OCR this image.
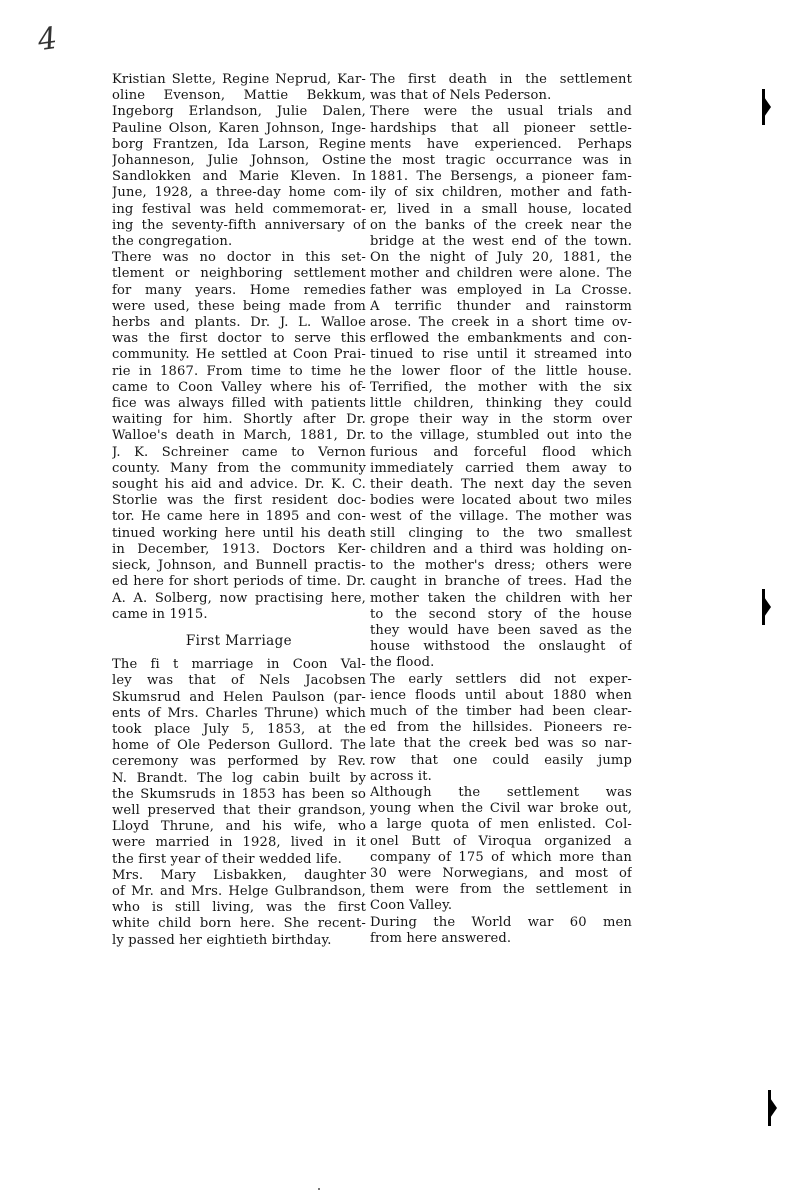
4
Kristian Slette, Regine Neprud, Kar-
oline Evenson, Mattie Bekkum,
Ingeborg Erlandson, Julie Dalen,
Pauline Olson, Karen Johnson, Inge-
borg Frantzen, Ida Larson, Regine
Johanneson, Julie Johnson, Ostine
Sandlokken and Marie Kleven. In
June, 1928, a three-day home com-
ing festival was held commemorat-
ing the seventy-fifth anniversary of
the congregation.
There was no doctor in this set-
tlement or neighboring settlement
for many years. Home remedies
were used, these being made from
herbs and plants. Dr. J. L. Walloe
was the first doctor to serve this
community. He settled at Coon Prai-
rie in 1867. From time to time he
came to Coon Valley where his of-
fice was always filled with patients
waiting for him. Shortly after Dr.
Walloe's death in March, 1881, Dr.
J. K. Schreiner came to Vernon
county. Many from the community
sought his aid and advice. Dr. K. C.
Storlie was the first resident doc-
tor. He came here in 1895 and con-
tinued working here until his death
in December, 1913. Doctors Ker-
sieck, Johnson, and Bunnell practis-
ed here for short periods of time. Dr.
A. A. Solberg, now practising here,
came in 1915.
First Marriage
The fi t marriage in Coon Val-
ley was that of Nels Jacobsen
Skumsrud and Helen Paulson (par-
ents of Mrs. Charles Thrune) which
took place July 5, 1853, at the
home of Ole Pederson Gullord. The
ceremony was performed by Rev.
N. Brandt. The log cabin built by
the Skumsruds in 1853 has been so
well preserved that their grandson,
Lloyd Thrune, and his wife, who
were married in 1928, lived in it
the first year of their wedded life.
Mrs. Mary Lisbakken, daughter
of Mr. and Mrs. Helge Gulbrandson,
who is still living, was the first
white child born here. She recent-
ly passed her eightieth birthday.
The first death in the settlement
was that of Nels Pederson.
There were the usual trials and
hardships that all pioneer settle-
ments have experienced. Perhaps
the most tragic occurrance was in
1881. The Bersengs, a pioneer fam-
ily of six children, mother and fath-
er, lived in a small house, located
on the banks of the creek near the
bridge at the west end of the town.
On the night of July 20, 1881, the
mother and children were alone. The
father was employed in La Crosse.
A terrific thunder and rainstorm
arose. The creek in a short time ov-
erflowed the embankments and con-
tinued to rise until it streamed into
the lower floor of the little house.
Terrified, the mother with the six
little children, thinking they could
grope their way in the storm over
to the village, stumbled out into the
furious and forceful flood which
immediately carried them away to
their death. The next day the seven
bodies were located about two miles
west of the village. The mother was
still clinging to the two smallest
children and a third was holding on-
to the mother's dress; others were
caught in branche of trees. Had the
mother taken the children with her
to the second story of the house
they would have been saved as the
house withstood the onslaught of
the flood.
The early settlers did not exper-
ience floods until about 1880 when
much of the timber had been clear-
ed from the hillsides. Pioneers re-
late that the creek bed was so nar-
row that one could easily jump
across it.
Although the settlement was
young when the Civil war broke out,
a large quota of men enlisted. Col-
onel Butt of Viroqua organized a
company of 175 of which more than
30 were Norwegians, and most of
them were from the settlement in
Coon Valley.
During the World war 60 men
from here answered.
